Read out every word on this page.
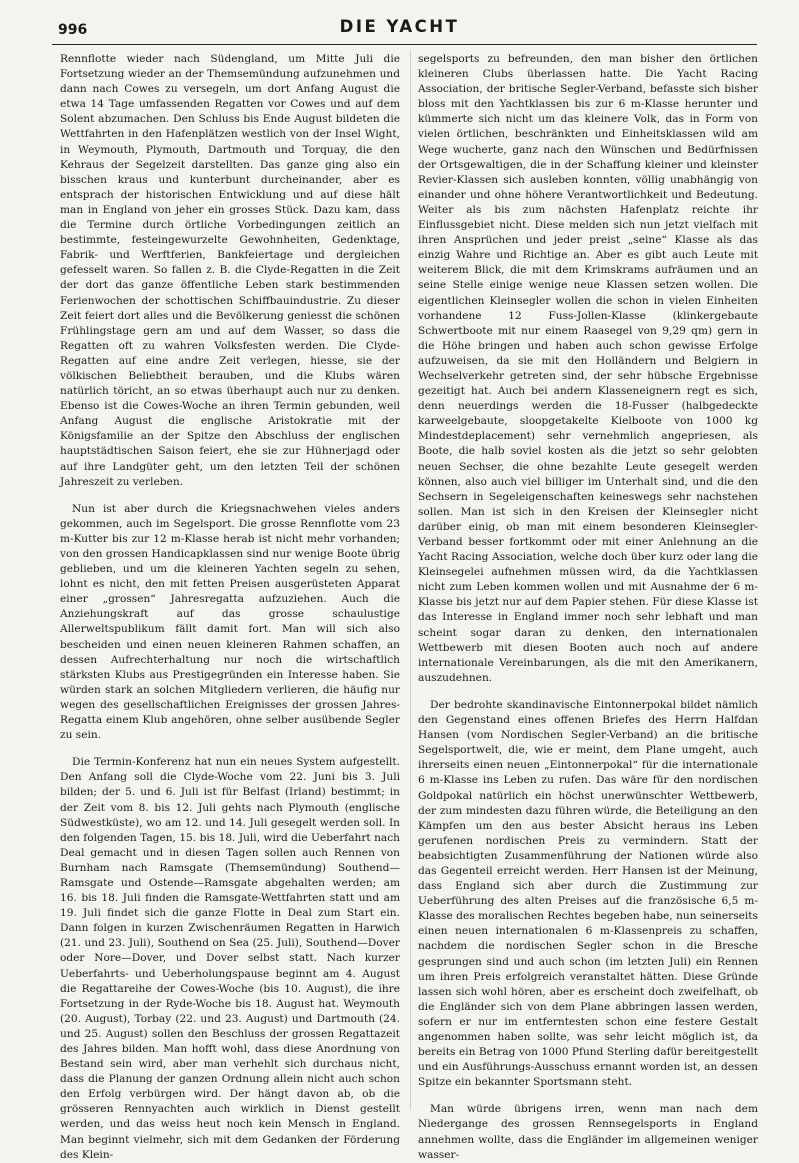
996	DIE YACHT

Rennflotte wieder nach Südengland, um Mitte Juli die Fortsetzung wieder an der Themsemündung aufzunehmen und dann nach Cowes zu versegeln, um dort Anfang August die etwa 14 Tage umfassenden Regatten vor Cowes und auf dem Solent abzumachen. Den Schluss bis Ende August bildeten die Wettfahrten in den Hafenplätzen westlich von der Insel Wight, in Weymouth, Plymouth, Dartmouth und Torquay, die den Kehraus der Segelzeit darstellten. Das ganze ging also ein bisschen kraus und kunterbunt durcheinander, aber es entsprach der historischen Entwicklung und auf diese hält man in England von jeher ein grosses Stück. Dazu kam, dass die Termine durch örtliche Vorbedingungen zeitlich an bestimmte, festeingewurzelte Gewohnheiten, Gedenktage, Fabrik- und Werftferien, Bankfeiertage und dergleichen gefesselt waren. So fallen z. B. die Clyde-Regatten in die Zeit der dort das ganze öffentliche Leben stark bestimmenden Ferienwochen der schottischen Schiffbauindustrie. Zu dieser Zeit feiert dort alles und die Bevölkerung geniesst die schönen Frühlingstage gern am und auf dem Wasser, so dass die Regatten oft zu wahren Volksfesten werden. Die Clyde-Regatten auf eine andre Zeit verlegen, hiesse, sie der völkischen Beliebtheit berauben, und die Klubs wären natürlich töricht, an so etwas überhaupt auch nur zu denken. Ebenso ist die Cowes-Woche an ihren Termin gebunden, weil Anfang August die englische Aristokratie mit der Königsfamilie an der Spitze den Abschluss der englischen hauptstädtischen Saison feiert, ehe sie zur Hühnerjagd oder auf ihre Landgüter geht, um den letzten Teil der schönen Jahreszeit zu verleben.

Nun ist aber durch die Kriegsnachwehen vieles anders gekommen, auch im Segelsport. Die grosse Rennflotte vom 23 m-Kutter bis zur 12 m-Klasse herab ist nicht mehr vorhanden; von den grossen Handicapklassen sind nur wenige Boote übrig geblieben, und um die kleineren Yachten segeln zu sehen, lohnt es nicht, den mit fetten Preisen ausgerüsteten Apparat einer „grossen“ Jahresregatta aufzuziehen. Auch die Anziehungskraft auf das grosse schaulustige Allerweltspublikum fällt damit fort. Man will sich also bescheiden und einen neuen kleineren Rahmen schaffen, an dessen Aufrechterhaltung nur noch die wirtschaftlich stärksten Klubs aus Prestigegründen ein Interesse haben. Sie würden stark an solchen Mitgliedern verlieren, die häufig nur wegen des gesellschaftlichen Ereignisses der grossen Jahres-Regatta einem Klub angehören, ohne selber ausübende Segler zu sein.

Die Termin-Konferenz hat nun ein neues System aufgestellt. Den Anfang soll die Clyde-Woche vom 22. Juni bis 3. Juli bilden; der 5. und 6. Juli ist für Belfast (Irland) bestimmt; in der Zeit vom 8. bis 12. Juli gehts nach Plymouth (englische Südwestküste), wo am 12. und 14. Juli gesegelt werden soll. In den folgenden Tagen, 15. bis 18. Juli, wird die Ueberfahrt nach Deal gemacht und in diesen Tagen sollen auch Rennen von Burnham nach Ramsgate (Themsemündung) Southend—Ramsgate und Ostende—Ramsgate abgehalten werden; am 16. bis 18. Juli finden die Ramsgate-Wettfahrten statt und am 19. Juli findet sich die ganze Flotte in Deal zum Start ein. Dann folgen in kurzen Zwischenräumen Regatten in Harwich (21. und 23. Juli), Southend on Sea (25. Juli), Southend—Dover oder Nore—Dover, und Dover selbst statt. Nach kurzer Ueberfahrts- und Ueberholungspause beginnt am 4. August die Regattareihe der Cowes-Woche (bis 10. August), die ihre Fortsetzung in der Ryde-Woche bis 18. August hat. Weymouth (20. August), Torbay (22. und 23. August) und Dartmouth (24. und 25. August) sollen den Beschluss der grossen Regattazeit des Jahres bilden. Man hofft wohl, dass diese Anordnung von Bestand sein wird, aber man verhehlt sich durchaus nicht, dass die Planung der ganzen Ordnung allein nicht auch schon den Erfolg verbürgen wird. Der hängt davon ab, ob die grösseren Rennyachten auch wirklich in Dienst gestellt werden, und das weiss heut noch kein Mensch in England. Man beginnt vielmehr, sich mit dem Gedanken der Förderung des Klein-

segelsports zu befreunden, den man bisher den örtlichen kleineren Clubs überlassen hatte. Die Yacht Racing Association, der britische Segler-Verband, befasste sich bisher bloss mit den Yachtklassen bis zur 6 m-Klasse herunter und kümmerte sich nicht um das kleinere Volk, das in Form von vielen örtlichen, beschränkten und Einheitsklassen wild am Wege wucherte, ganz nach den Wünschen und Bedürfnissen der Ortsgewaltigen, die in der Schaffung kleiner und kleinster Revier-Klassen sich ausleben konnten, völlig unabhängig von einander und ohne höhere Verantwortlichkeit und Bedeutung. Weiter als bis zum nächsten Hafenplatz reichte ihr Einflussgebiet nicht. Diese melden sich nun jetzt vielfach mit ihren Ansprüchen und jeder preist „seine“ Klasse als das einzig Wahre und Richtige an. Aber es gibt auch Leute mit weiterem Blick, die mit dem Krimskrams aufräumen und an seine Stelle einige wenige neue Klassen setzen wollen. Die eigentlichen Kleinsegler wollen die schon in vielen Einheiten vorhandene 12 Fuss-Jollen-Klasse (klinkergebaute Schwertboote mit nur einem Raasegel von 9,29 qm) gern in die Höhe bringen und haben auch schon gewisse Erfolge aufzuweisen, da sie mit den Holländern und Belgiern in Wechselverkehr getreten sind, der sehr hübsche Ergebnisse gezeitigt hat. Auch bei andern Klasseneignern regt es sich, denn neuerdings werden die 18-Fusser (halbgedeckte karweelgebaute, sloopgetakelte Kielboote von 1000 kg Mindestdeplacement) sehr vernehmlich angepriesen, als Boote, die halb soviel kosten als die jetzt so sehr gelobten neuen Sechser, die ohne bezahlte Leute gesegelt werden können, also auch viel billiger im Unterhalt sind, und die den Sechsern in Segeleigenschaften keineswegs sehr nachstehen sollen. Man ist sich in den Kreisen der Kleinsegler nicht darüber einig, ob man mit einem besonderen Kleinsegler-Verband besser fortkommt oder mit einer Anlehnung an die Yacht Racing Association, welche doch über kurz oder lang die Kleinsegelei aufnehmen müssen wird, da die Yachtklassen nicht zum Leben kommen wollen und mit Ausnahme der 6 m-Klasse bis jetzt nur auf dem Papier stehen. Für diese Klasse ist das Interesse in England immer noch sehr lebhaft und man scheint sogar daran zu denken, den internationalen Wettbewerb mit diesen Booten auch noch auf andere internationale Vereinbarungen, als die mit den Amerikanern, auszudehnen.

Der bedrohte skandinavische Eintonnerpokal bildet nämlich den Gegenstand eines offenen Briefes des Herrn Halfdan Hansen (vom Nordischen Segler-Verband) an die britische Segelsportwelt, die, wie er meint, dem Plane umgeht, auch ihrerseits einen neuen „Eintonnerpokal“ für die internationale 6 m-Klasse ins Leben zu rufen. Das wäre für den nordischen Goldpokal natürlich ein höchst unerwünschter Wettbewerb, der zum mindesten dazu führen würde, die Beteiligung an den Kämpfen um den aus bester Absicht heraus ins Leben gerufenen nordischen Preis zu vermindern. Statt der beabsichtigten Zusammenführung der Nationen würde also das Gegenteil erreicht werden. Herr Hansen ist der Meinung, dass England sich aber durch die Zustimmung zur Ueberführung des alten Preises auf die französische 6,5 m-Klasse des moralischen Rechtes begeben habe, nun seinerseits einen neuen internationalen 6 m-Klassenpreis zu schaffen, nachdem die nordischen Segler schon in die Bresche gesprungen sind und auch schon (im letzten Juli) ein Rennen um ihren Preis erfolgreich veranstaltet hätten. Diese Gründe lassen sich wohl hören, aber es erscheint doch zweifelhaft, ob die Engländer sich von dem Plane abbringen lassen werden, sofern er nur im entferntesten schon eine festere Gestalt angenommen haben sollte, was sehr leicht möglich ist, da bereits ein Betrag von 1000 Pfund Sterling dafür bereitgestellt und ein Ausführungs-Ausschuss ernannt worden ist, an dessen Spitze ein bekannter Sportsmann steht.

Man würde übrigens irren, wenn man nach dem Niedergange des grossen Rennsegelsports in England annehmen wollte, dass die Engländer im allgemeinen weniger wasser-
